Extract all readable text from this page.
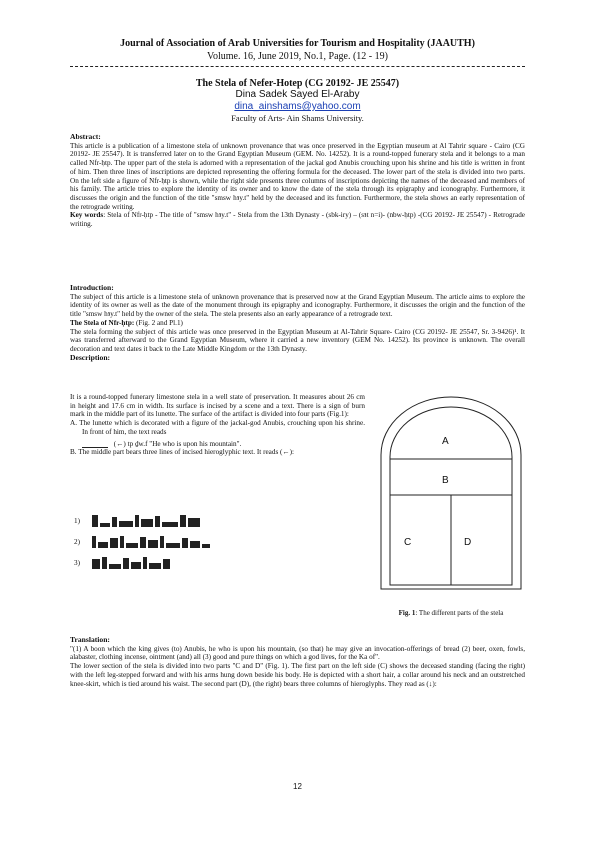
Journal of Association of Arab Universities for Tourism and Hospitality (JAAUTH)
Volume. 16, June 2019, No.1, Page. (12 - 19)
The Stela of Nefer-Hotep (CG 20192- JE 25547)
Dina Sadek Sayed El-Araby
dina_ainshams@yahoo.com
Faculty of Arts- Ain Shams University.

Abstract:

This article is a publication of a limestone stela of unknown provenance that was once preserved in the Egyptian museum at Al Tahrir square - Cairo (CG 20192- JE 25547). It is transferred later on to the Grand Egyptian Museum (GEM. No. 14252). It is a round-topped funerary stela and it belongs to a man called Nfr-ḥtp. The upper part of the stela is adorned with a representation of the jackal god Anubis crouching upon his shrine and his title is written in front of him. Then three lines of inscriptions are depicted representing the offering formula for the deceased. The lower part of the stela is divided into two parts. On the left side a figure of Nfr-ḥtp is shown, while the right side presents three columns of inscriptions depicting the names of the deceased and members of his family. The article tries to explore the identity of its owner and to know the date of the stela through its epigraphy and iconography. Furthermore, it discusses the origin and the function of the title "smsw hꜣy.t" held by the deceased and its function. Furthermore, the stela shows an early representation of the retrograde writing.

Key words: Stela of Nfr-ḥtp - The title of "smsw hꜣy.t" - Stela from the 13th Dynasty - (sbk-iry) – (sꜣt n=i)- (nbw-ḥtp) -(CG 20192- JE 25547) - Retrograde writing.

Introduction:

The subject of this article is a limestone stela of unknown provenance that is preserved now at the Grand Egyptian Museum. The article aims to explore the identity of its owner as well as the date of the monument through its epigraphy and iconography. Furthermore, it discusses the origin and the function of the title "smsw hꜣy.t" held by the owner of the stela. The stela presents also an early appearance of a retrograde text.

The Stela of Nfr-ḥtp: (Fig. 2 and Pl.1)

The stela forming the subject of this article was once preserved in the Egyptian Museum at Al-Tahrir Square- Cairo (CG 20192- JE 25547, Sr. 3-9426)¹. It was transferred afterward to the Grand Egyptian Museum, where it carried a new inventory (GEM No. 14252). Its province is unknown. The overall decoration and text dates it back to the Late Middle Kingdom or the 13th Dynasty.

Description:

It is a round-topped funerary limestone stela in a well state of preservation. It measures about 26 cm in height and 17.6 cm in width. Its surface is incised by a scene and a text. There is a sign of burn mark in the middle part of its lunette. The surface of the artifact is divided into four parts (Fig.1):

A. The lunette which is decorated with a figure of the jackal-god Anubis, crouching upon his shrine. In front of him, the text reads

(←) tp ḏw.f "He who is upon his mountain".

B. The middle part bears three lines of incised hieroglyphic text. It reads (←):

1)
2)
3)
A
B
C	D
Fig. 1: The different parts of the stela

Translation:

"(1) A boon which the king gives (to) Anubis, he who is upon his mountain, (so that) he may give an invocation-offerings of bread (2) beer, oxen, fowls, alabaster, clothing incense, ointment (and) all (3) good and pure things on which a god lives, for the Ka of".

The lower section of the stela is divided into two parts "C and D" (Fig. 1). The first part on the left side (C) shows the deceased standing (facing the right) with the left leg-stepped forward and with his arms hung down beside his body. He is depicted with a short hair, a collar around his neck and an outstretched knee-skirt, which is tied around his waist. The second part (D), (the right) bears three columns of hieroglyphs. They read as (↓):

12
